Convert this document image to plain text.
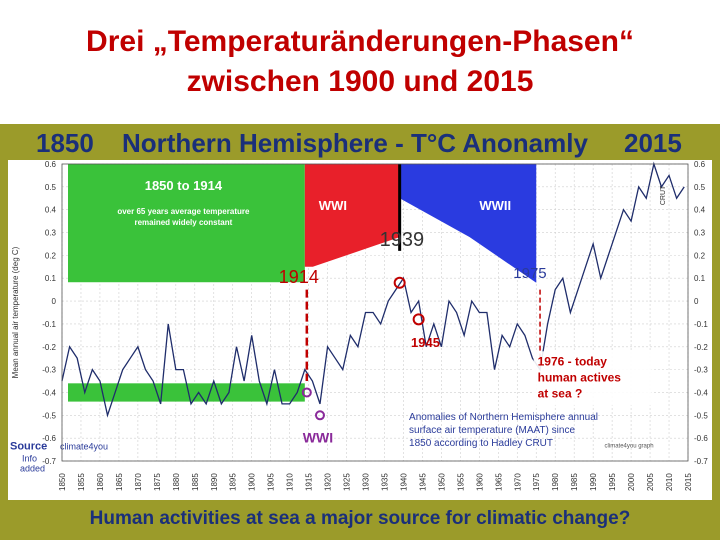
Drei „Temperaturänderungen-Phasen“
zwischen 1900 und 2015
1850 Northern Hemisphere - T°C Anonamly 2015
1850 to 1914
over 65 years average temperature
remained widely constant
WWI	WWII
1939
1914	1975
1945
WWI
1976 - today
human actives
at sea ?
Anomalies of Northern Hemisphere annual
surface air temperature (MAAT) since
1850 according to Hadley CRUT	climate4you graph
CRUT
Source climate4you
Info
added
0.6	0.6
0.5	0.5
0.4	0.4
0.3	0.3
0.2	0.2
0.1	0.1
0	0
-0.1	-0.1
-0.2	-0.2
-0.3	-0.3
-0.4	-0.4
-0.5	-0.5
-0.6	-0.6
-0.7	-0.7
1850 1855 1860 1865 1870 1875 1880 1885 1890 1895 1900 1905 1910 1915 1920 1925 1930 1935 1940 1945 1950 1955 1960 1965 1970 1975 1980 1985 1990 1995 2000 2005 2010 2015
Mean annual air temperature (deg C)
Human activities at sea a major source for climatic change?
